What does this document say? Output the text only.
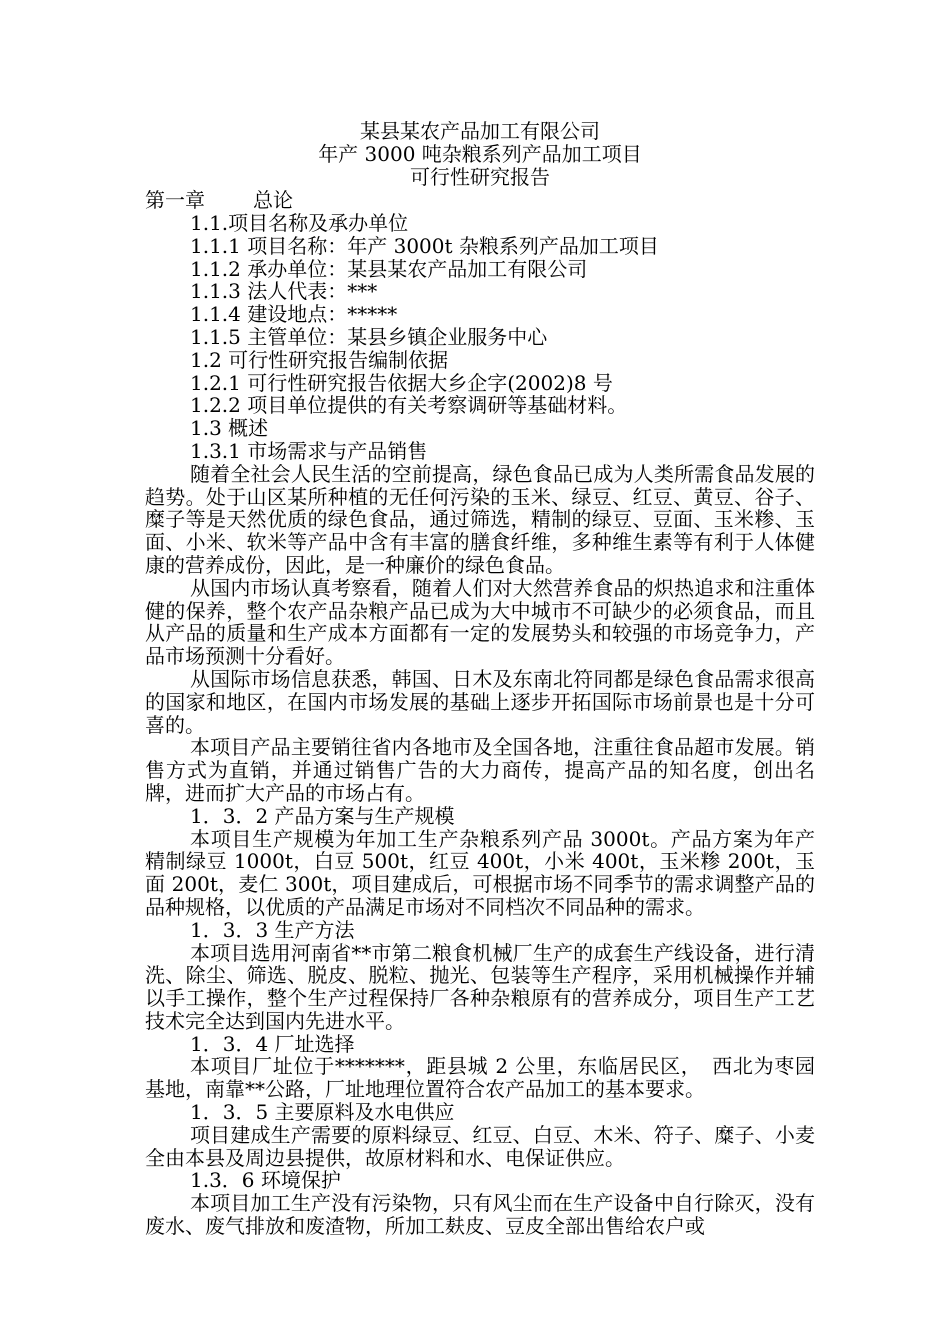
某县某农产品加工有限公司
年产 3000 吨杂粮系列产品加工项目
可行性研究报告
第一章 总论
1.1.项目名称及承办单位
1.1.1 项目名称：年产 3000t 杂粮系列产品加工项目
1.1.2 承办单位：某县某农产品加工有限公司
1.1.3 法人代表：***
1.1.4 建设地点：*****
1.1.5 主管单位：某县乡镇企业服务中心
1.2 可行性研究报告编制依据
1.2.1 可行性研究报告依据大乡企字(2002)8 号
1.2.2 项目单位提供的有关考察调研等基础材料。
1.3 概述
1.3.1 市场需求与产品销售

随着全社会人民生活的空前提高，绿色食品已成为人类所需食品发展的趋势。处于山区某所种植的无任何污染的玉米、绿豆、红豆、黄豆、谷子、糜子等是天然优质的绿色食品，通过筛选，精制的绿豆、豆面、玉米糁、玉面、小米、软米等产品中含有丰富的膳食纤维，多种维生素等有利于人体健康的营养成份，因此，是一种廉价的绿色食品。

从国内市场认真考察看，随着人们对大然营养食品的炽热追求和注重体健的保养，整个农产品杂粮产品已成为大中城市不可缺少的必须食品，而且从产品的质量和生产成本方面都有一定的发展势头和较强的市场竞争力，产品市场预测十分看好。

从国际市场信息获悉，韩国、日木及东南北符同都是绿色食品需求很高的国家和地区，在国内市场发展的基础上逐步开拓国际市场前景也是十分可喜的。

本项目产品主要销往省内各地市及全国各地，注重往食品超市发展。销售方式为直销，并通过销售广告的大力商传，提高产品的知名度，创出名牌，进而扩大产品的市场占有。

1．3．2 产品方案与生产规模

本项目生产规模为年加工生产杂粮系列产品 3000t。产品方案为年产精制绿豆 1000t，白豆 500t，红豆 400t，小米 400t，玉米糁 200t，玉面 200t，麦仁 300t，项目建成后，可根据市场不同季节的需求调整产品的品种规格，以优质的产品满足市场对不同档次不同品种的需求。

1．3．3 生产方法

本项目选用河南省**市第二粮食机械厂生产的成套生产线设备，进行清洗、除尘、筛选、脱皮、脱粒、抛光、包装等生产程序，采用机械操作并辅以手工操作，整个生产过程保持厂各种杂粮原有的营养成分，项目生产工艺技术完全达到国内先进水平。

1．3．4 厂址选择

本项目厂址位于*******，距县城 2 公里，东临居民区，　西北为枣园基地，南靠**公路，厂址地理位置符合农产品加工的基本要求。

1．3．5 主要原料及水电供应

项目建成生产需要的原料绿豆、红豆、白豆、木米、符子、糜子、小麦全由本县及周边县提供，故原材料和水、电保证供应。

1.3．6 环境保护

本项目加工生产没有污染物，只有风尘而在生产设备中自行除灭，没有废水、废气排放和废渣物，所加工麸皮、豆皮全部出售给农户或
